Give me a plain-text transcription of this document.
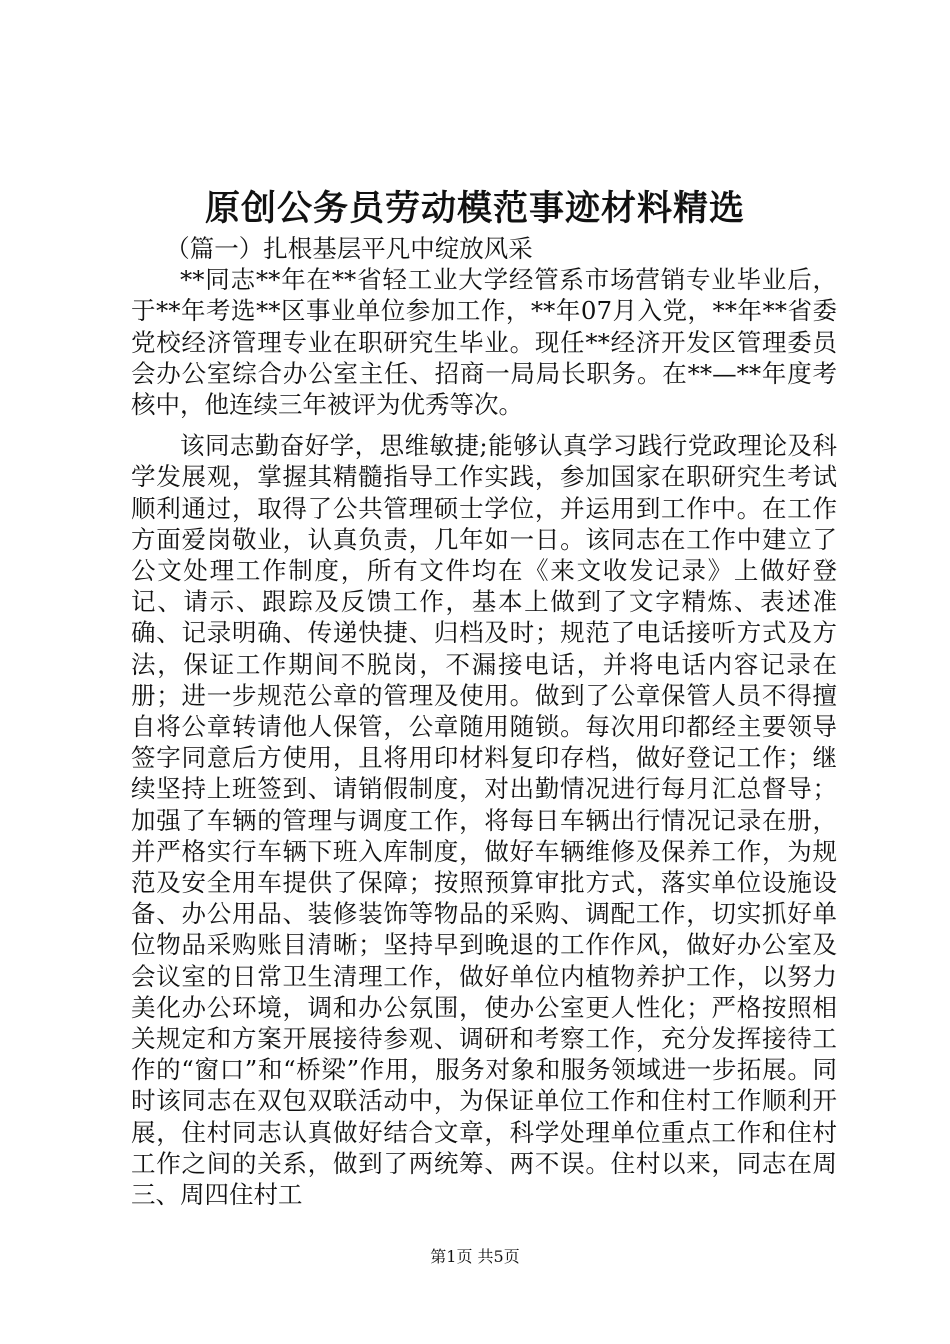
原创公务员劳动模范事迹材料精选

（篇一）扎根基层平凡中绽放风采

**同志**年在**省轻工业大学经管系市场营销专业毕业后，于**年考选**区事业单位参加工作，**年07月入党，**年**省委党校经济管理专业在职研究生毕业。现任**经济开发区管理委员会办公室综合办公室主任、招商一局局长职务。在**—**年度考核中，他连续三年被评为优秀等次。

该同志勤奋好学，思维敏捷;能够认真学习践行党政理论及科学发展观，掌握其精髓指导工作实践，参加国家在职研究生考试顺利通过，取得了公共管理硕士学位，并运用到工作中。在工作方面爱岗敬业，认真负责，几年如一日。该同志在工作中建立了公文处理工作制度，所有文件均在《来文收发记录》上做好登记、请示、跟踪及反馈工作，基本上做到了文字精炼、表述准确、记录明确、传递快捷、归档及时；规范了电话接听方式及方法，保证工作期间不脱岗，不漏接电话，并将电话内容记录在册；进一步规范公章的管理及使用。做到了公章保管人员不得擅自将公章转请他人保管，公章随用随锁。每次用印都经主要领导签字同意后方使用，且将用印材料复印存档，做好登记工作；继续坚持上班签到、请销假制度，对出勤情况进行每月汇总督导；加强了车辆的管理与调度工作，将每日车辆出行情况记录在册，并严格实行车辆下班入库制度，做好车辆维修及保养工作，为规范及安全用车提供了保障；按照预算审批方式，落实单位设施设备、办公用品、装修装饰等物品的采购、调配工作，切实抓好单位物品采购账目清晰；坚持早到晚退的工作作风，做好办公室及会议室的日常卫生清理工作，做好单位内植物养护工作，以努力美化办公环境，调和办公氛围，使办公室更人性化；严格按照相关规定和方案开展接待参观、调研和考察工作，充分发挥接待工作的“窗口”和“桥梁”作用，服务对象和服务领域进一步拓展。同时该同志在双包双联活动中，为保证单位工作和住村工作顺利开展，住村同志认真做好结合文章，科学处理单位重点工作和住村工作之间的关系，做到了两统筹、两不误。住村以来，同志在周三、周四住村工

第1页 共5页
